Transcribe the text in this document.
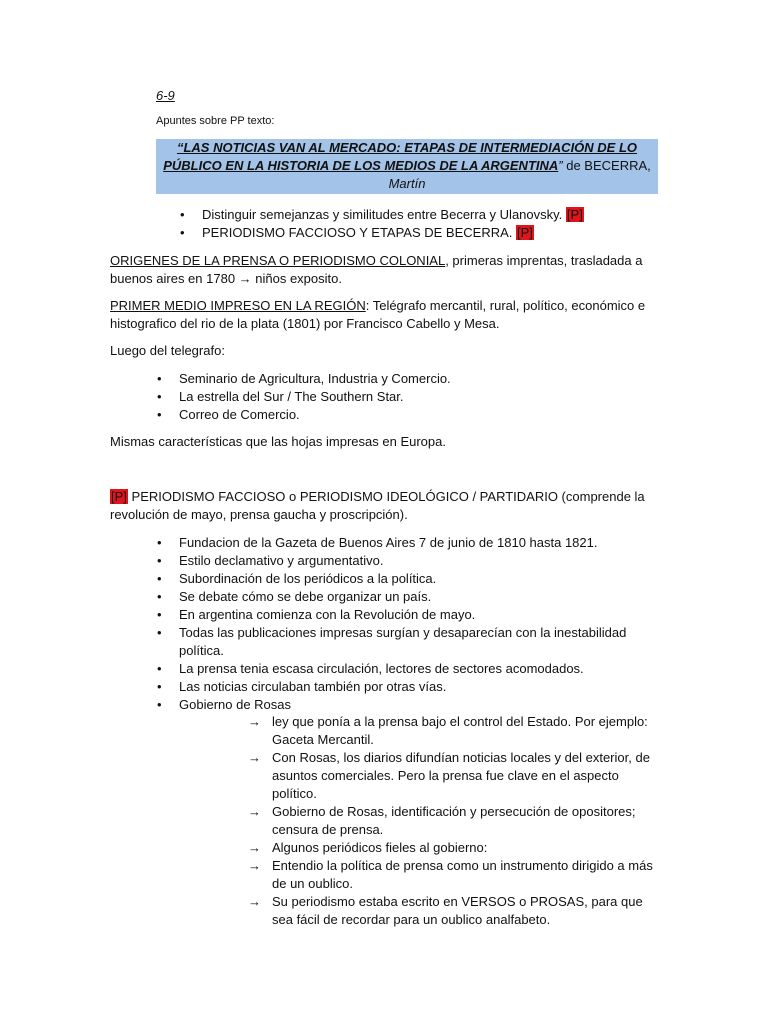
6-9
Apuntes sobre PP texto:
“LAS NOTICIAS VAN AL MERCADO: ETAPAS DE INTERMEDIACIÓN DE LO
PÚBLICO EN LA HISTORIA DE LOS MEDIOS DE LA ARGENTINA” de BECERRA,
Martín
• Distinguir semejanzas y similitudes entre Becerra y Ulanovsky. [P]
• PERIODISMO FACCIOSO Y ETAPAS DE BECERRA. [P]
ORIGENES DE LA PRENSA O PERIODISMO COLONIAL, primeras imprentas, trasladada a buenos aires en 1780 → niños exposito.
PRIMER MEDIO IMPRESO EN LA REGIÓN: Telégrafo mercantil, rural, político, económico e histografico del rio de la plata (1801) por Francisco Cabello y Mesa.
Luego del telegrafo:
• Seminario de Agricultura, Industria y Comercio.
• La estrella del Sur / The Southern Star.
• Correo de Comercio.
Mismas características que las hojas impresas en Europa.
[P] PERIODISMO FACCIOSO o PERIODISMO IDEOLÓGICO / PARTIDARIO (comprende la revolución de mayo, prensa gaucha y proscripción).
• Fundacion de la Gazeta de Buenos Aires 7 de junio de 1810 hasta 1821.
• Estilo declamativo y argumentativo.
• Subordinación de los periódicos a la política.
• Se debate cómo se debe organizar un país.
• En argentina comienza con la Revolución de mayo.
• Todas las publicaciones impresas surgían y desaparecían con la inestabilidad política.
• La prensa tenia escasa circulación, lectores de sectores acomodados.
• Las noticias circulaban también por otras vías.
• Gobierno de Rosas
→ ley que ponía a la prensa bajo el control del Estado. Por ejemplo: Gaceta Mercantil.
→ Con Rosas, los diarios difundían noticias locales y del exterior, de asuntos comerciales. Pero la prensa fue clave en el aspecto político.
→ Gobierno de Rosas, identificación y persecución de opositores; censura de prensa.
→ Algunos periódicos fieles al gobierno:
→ Entendio la política de prensa como un instrumento dirigido a más de un oublico.
→ Su periodismo estaba escrito en VERSOS o PROSAS, para que sea fácil de recordar para un oublico analfabeto.
